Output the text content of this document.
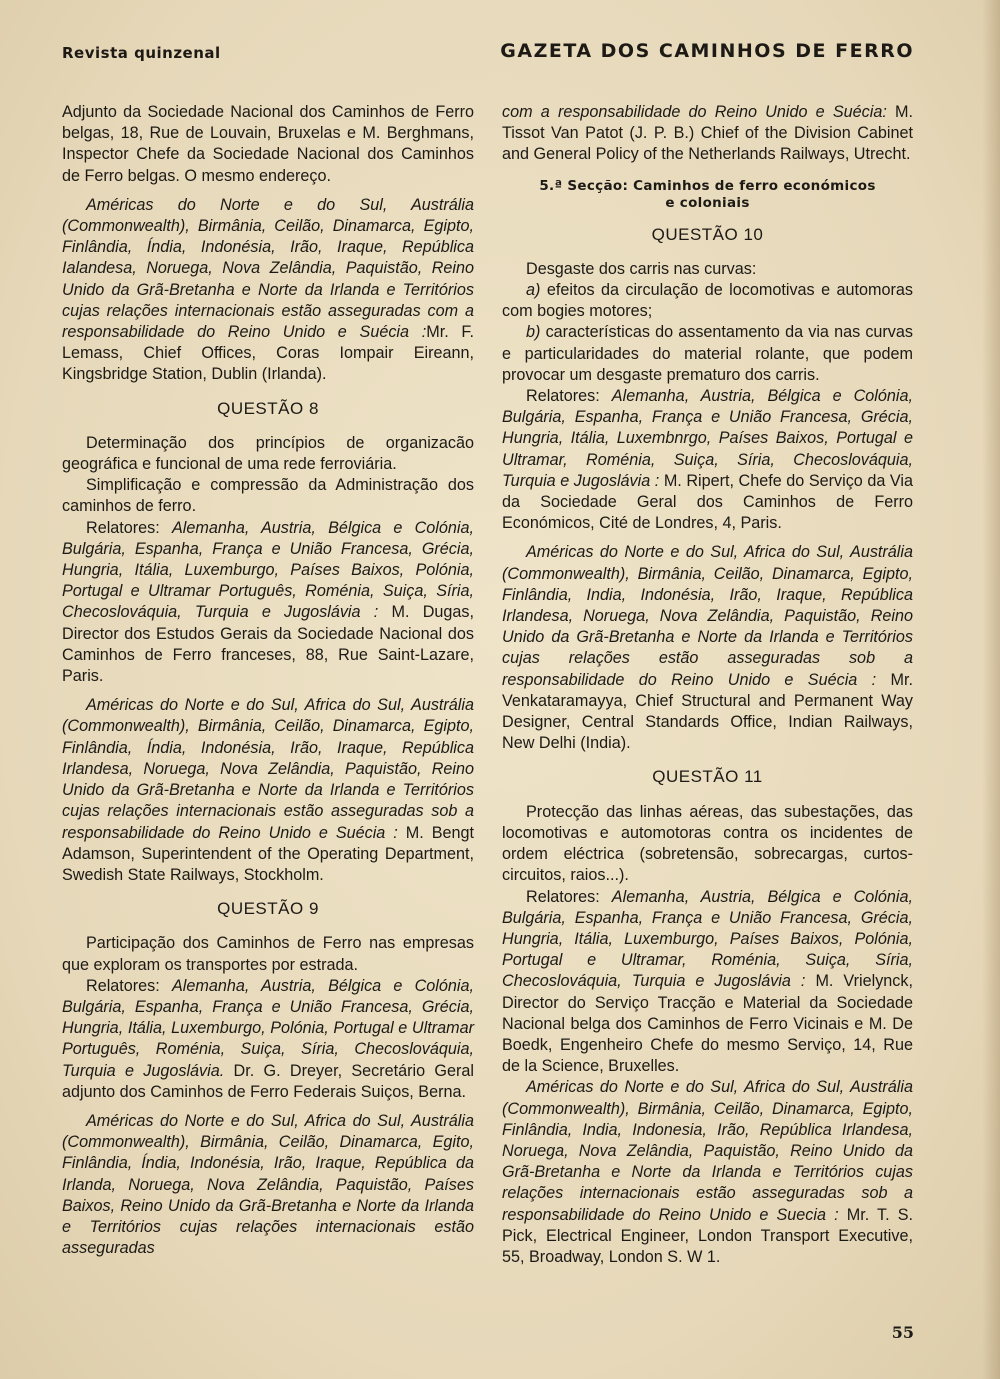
Revista quinzenal	GAZETA DOS CAMINHOS DE FERRO

Adjunto da Sociedade Nacional dos Caminhos de Ferro belgas, 18, Rue de Louvain, Bruxelas e M. Berghmans, Inspector Chefe da Sociedade Nacional dos Caminhos de Ferro belgas. O mesmo endereço.

Américas do Norte e do Sul, Austrália (Commonwealth), Birmânia, Ceilão, Dinamarca, Egipto, Finlândia, Índia, Indonésia, Irão, Iraque, República Ialandesa, Noruega, Nova Zelândia, Paquistão, Reino Unido da Grã-Bretanha e Norte da Irlanda e Territórios cujas relações internacionais estão asseguradas com a responsabilidade do Reino Unido e Suécia :Mr. F. Lemass, Chief Offices, Coras Iompair Eireann, Kingsbridge Station, Dublin (Irlanda).

QUESTÃO 8

Determinação dos princípios de organizacão geográfica e funcional de uma rede ferroviária.

Simplificação e compressão da Administração dos caminhos de ferro.

Relatores: Alemanha, Austria, Bélgica e Colónia, Bulgária, Espanha, França e União Francesa, Grécia, Hungria, Itália, Luxemburgo, Países Baixos, Polónia, Portugal e Ultramar Português, Roménia, Suiça, Síria, Checoslováquia, Turquia e Jugoslávia : M. Dugas, Director dos Estudos Gerais da Sociedade Nacional dos Caminhos de Ferro franceses, 88, Rue Saint-Lazare, Paris.

Américas do Norte e do Sul, Africa do Sul, Austrália (Commonwealth), Birmânia, Ceilão, Dinamarca, Egipto, Finlândia, Índia, Indonésia, Irão, Iraque, República Irlandesa, Noruega, Nova Zelândia, Paquistão, Reino Unido da Grã-Bretanha e Norte da Irlanda e Territórios cujas relações internacionais estão asseguradas sob a responsabilidade do Reino Unido e Suécia : M. Bengt Adamson, Superintendent of the Operating Department, Swedish State Railways, Stockholm.

QUESTÃO 9

Participação dos Caminhos de Ferro nas empresas que exploram os transportes por estrada.

Relatores: Alemanha, Austria, Bélgica e Colónia, Bulgária, Espanha, França e União Francesa, Grécia, Hungria, Itália, Luxemburgo, Polónia, Portugal e Ultramar Português, Roménia, Suiça, Síria, Checoslováquia, Turquia e Jugoslávia. Dr. G. Dreyer, Secretário Geral adjunto dos Caminhos de Ferro Federais Suiços, Berna.

Américas do Norte e do Sul, Africa do Sul, Austrália (Commonwealth), Birmânia, Ceilão, Dinamarca, Egito, Finlândia, Índia, Indonésia, Irão, Iraque, República da Irlanda, Noruega, Nova Zelândia, Paquistão, Países Baixos, Reino Unido da Grã-Bretanha e Norte da Irlanda e Territórios cujas relações internacionais estão asseguradas

com a responsabilidade do Reino Unido e Suécia: M. Tissot Van Patot (J. P. B.) Chief of the Division Cabinet and General Policy of the Netherlands Railways, Utrecht.

5.ª Secção: Caminhos de ferro económicos
e coloniais
QUESTÃO 10

Desgaste dos carris nas curvas:

a) efeitos da circulação de locomotivas e automoras com bogies motores;

b) características do assentamento da via nas curvas e particularidades do material rolante, que podem provocar um desgaste prematuro dos carris.

Relatores: Alemanha, Austria, Bélgica e Colónia, Bulgária, Espanha, França e União Francesa, Grécia, Hungria, Itália, Luxembnrgo, Países Baixos, Portugal e Ultramar, Roménia, Suiça, Síria, Checoslováquia, Turquia e Jugoslávia : M. Ripert, Chefe do Serviço da Via da Sociedade Geral dos Caminhos de Ferro Económicos, Cité de Londres, 4, Paris.

Américas do Norte e do Sul, Africa do Sul, Austrália (Commonwealth), Birmânia, Ceilão, Dinamarca, Egipto, Finlândia, India, Indonésia, Irão, Iraque, República Irlandesa, Noruega, Nova Zelândia, Paquistão, Reino Unido da Grã-Bretanha e Norte da Irlanda e Territórios cujas relações estão asseguradas sob a responsabilidade do Reino Unido e Suécia : Mr. Venkataramayya, Chief Structural and Permanent Way Designer, Central Standards Office, Indian Railways, New Delhi (India).

QUESTÃO 11

Protecção das linhas aéreas, das subestações, das locomotivas e automotoras contra os incidentes de ordem eléctrica (sobretensão, sobrecargas, curtos-circuitos, raios...).

Relatores: Alemanha, Austria, Bélgica e Colónia, Bulgária, Espanha, França e União Francesa, Grécia, Hungria, Itália, Luxemburgo, Países Baixos, Polónia, Portugal e Ultramar, Roménia, Suiça, Síria, Checoslováquia, Turquia e Jugoslávia : M. Vrielynck, Director do Serviço Tracção e Material da Sociedade Nacional belga dos Caminhos de Ferro Vicinais e M. De Boedk, Engenheiro Chefe do mesmo Serviço, 14, Rue de la Science, Bruxelles.

Américas do Norte e do Sul, Africa do Sul, Austrália (Commonwealth), Birmânia, Ceilão, Dinamarca, Egipto, Finlândia, India, Indonesia, Irão, República Irlandesa, Noruega, Nova Zelândia, Paquistão, Reino Unido da Grã-Bretanha e Norte da Irlanda e Territórios cujas relações internacionais estão asseguradas sob a responsabilidade do Reino Unido e Suecia : Mr. T. S. Pick, Electrical Engineer, London Transport Executive, 55, Broadway, London S. W 1.

55
